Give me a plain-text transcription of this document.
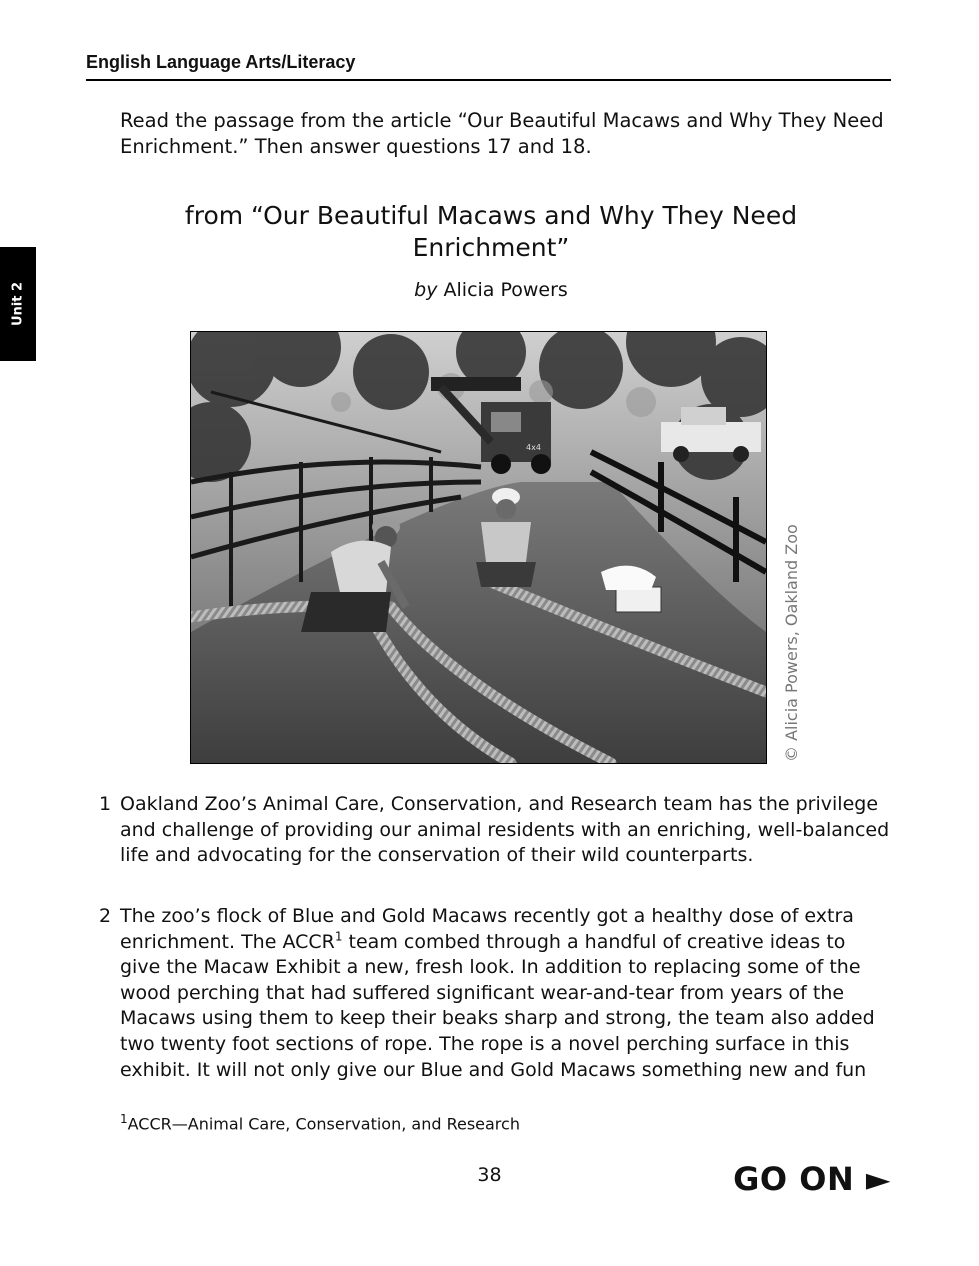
English Language Arts/Literacy
Unit 2
Read the passage from the article “Our Beautiful Macaws and Why They Need Enrichment.” Then answer questions 17 and 18.
from “Our Beautiful Macaws and Why They Need Enrichment”
by Alicia Powers
4x4
© Alicia Powers, Oakland Zoo
1 Oakland Zoo’s Animal Care, Conservation, and Research team has the privilege and challenge of providing our animal residents with an enriching, well-balanced life and advocating for the conservation of their wild counterparts.
2 The zoo’s flock of Blue and Gold Macaws recently got a healthy dose of extra enrichment. The ACCR$^1$ team combed through a handful of creative ideas to give the Macaw Exhibit a new, fresh look. In addition to replacing some of the wood perching that had suffered significant wear-and-tear from years of the Macaws using them to keep their beaks sharp and strong, the team also added two twenty foot sections of rope. The rope is a novel perching surface in this exhibit. It will not only give our Blue and Gold Macaws something new and fun
$^1$ACCR—Animal Care, Conservation, and Research
38	GO ON ►
